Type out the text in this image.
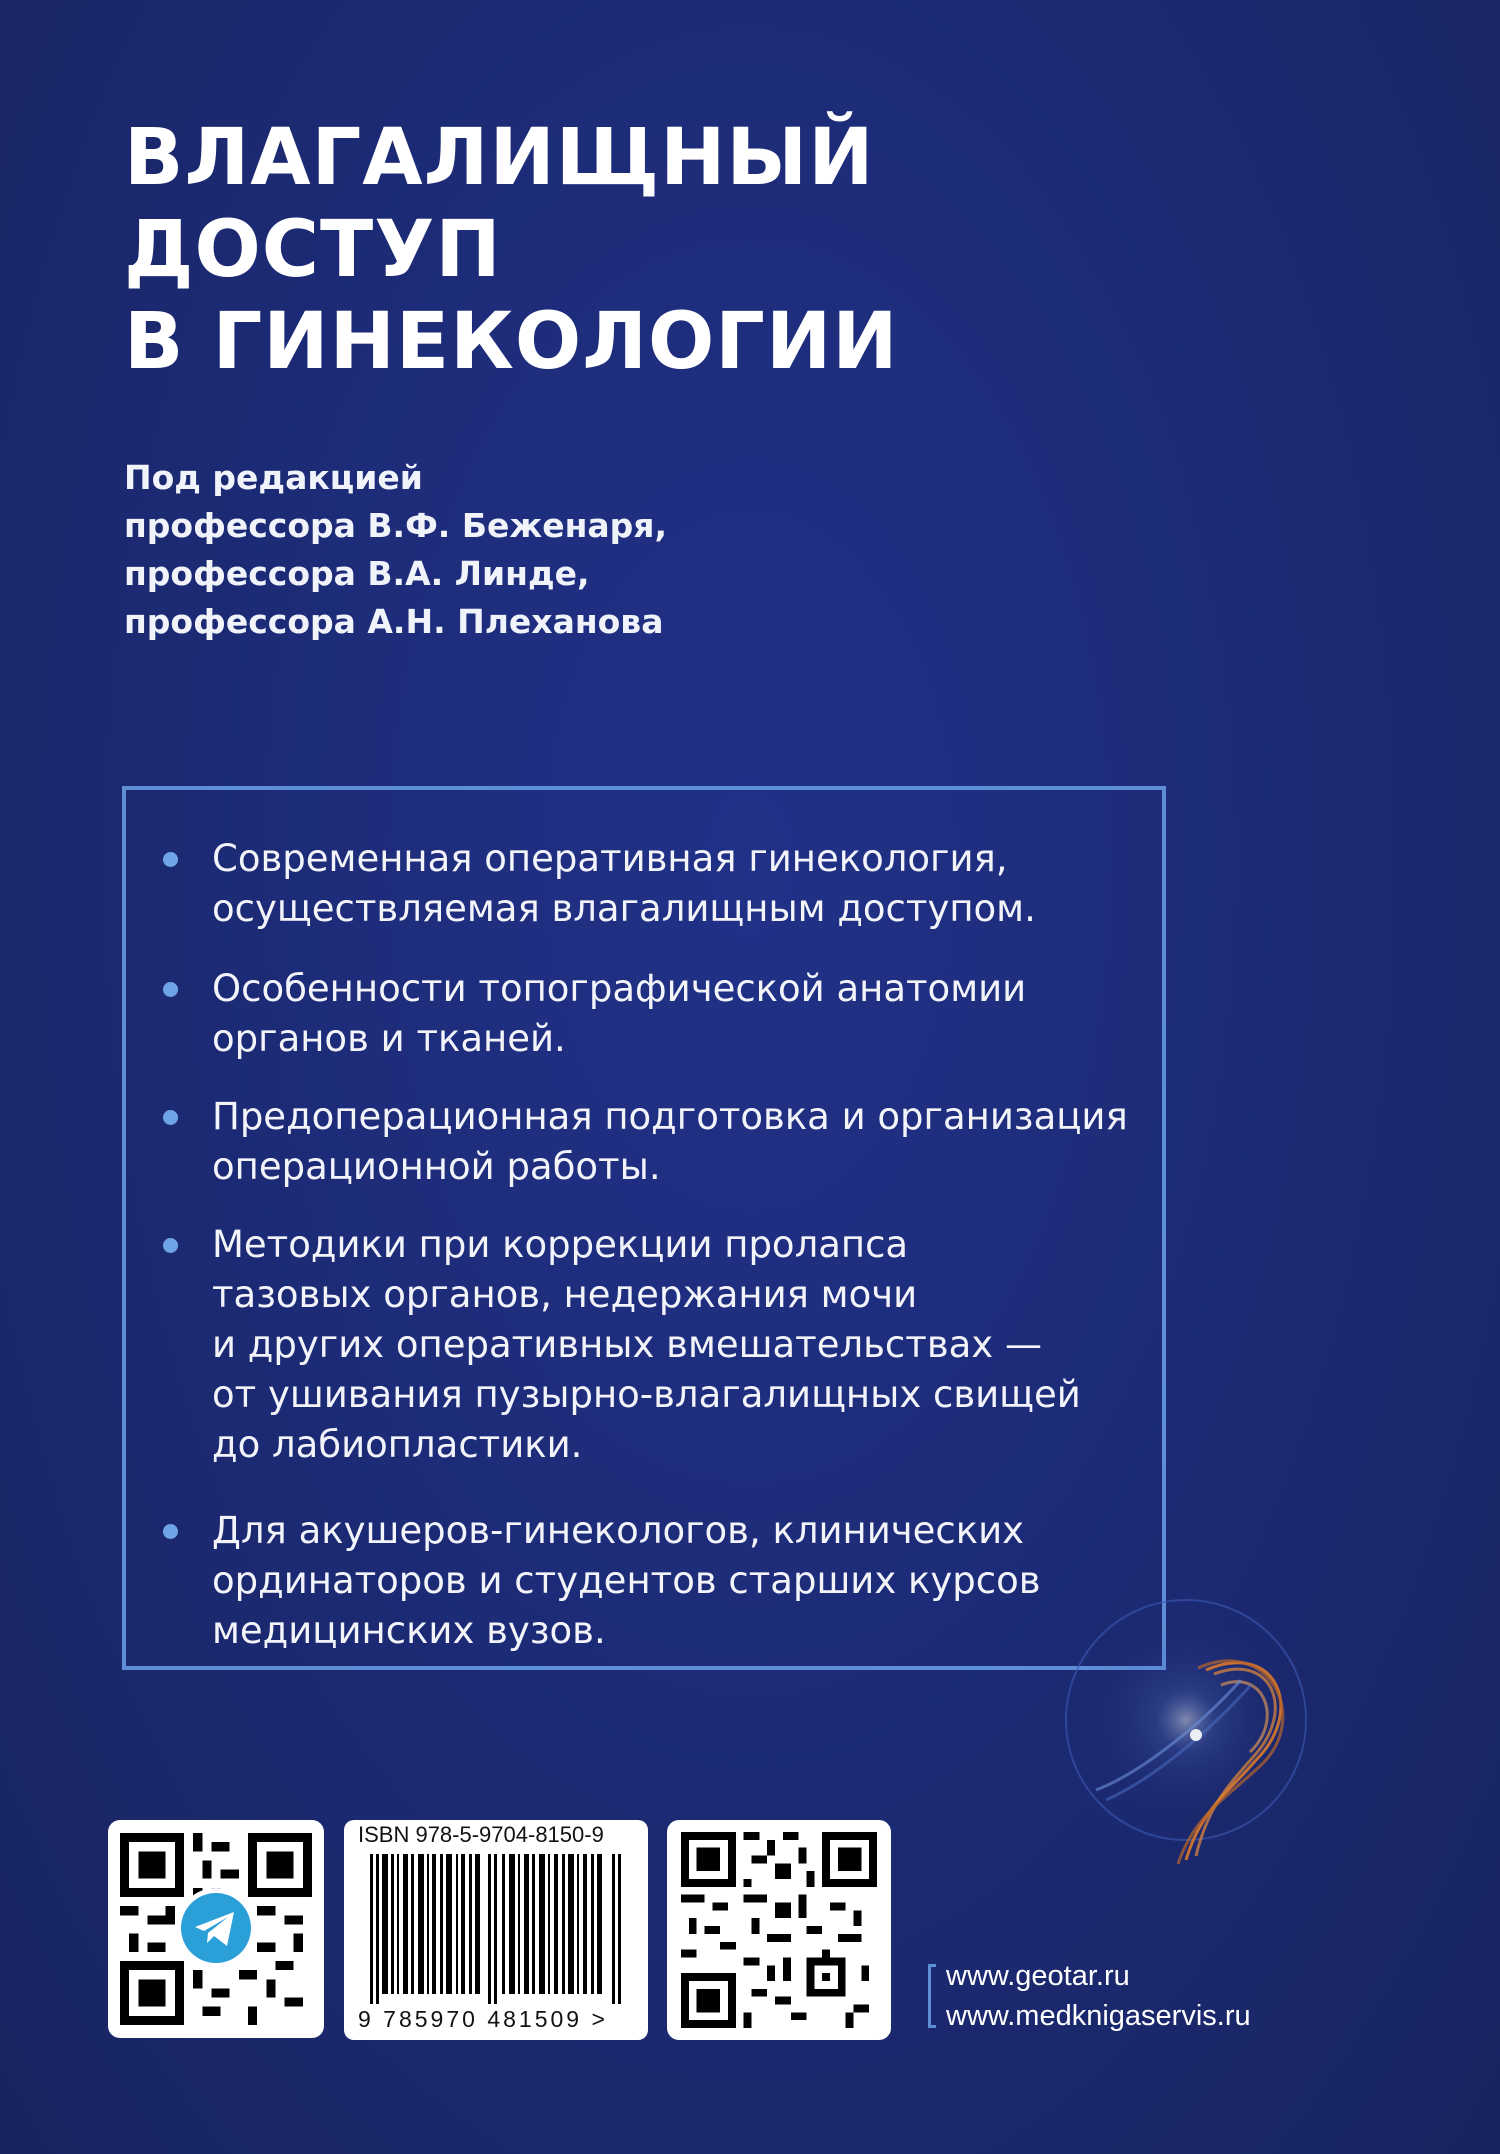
ВЛАГАЛИЩНЫЙ
ДОСТУП
В ГИНЕКОЛОГИИ
Под редакцией
профессора В.Ф. Беженаря,
профессора В.А. Линде,
профессора А.Н. Плеханова
Современная оперативная гинекология,
осуществляемая влагалищным доступом.
Особенности топографической анатомии
органов и тканей.
Предоперационная подготовка и организация
операционной работы.
Методики при коррекции пролапса
тазовых органов, недержания мочи
и других оперативных вмешательствах —
от ушивания пузырно-влагалищных свищей
до лабиопластики.
Для акушеров-гинекологов, клинических
ординаторов и студентов старших курсов
медицинских вузов.
ISBN 978-5-9704-8150-9
9 785970 481509 >
www.geotar.ru
www.medknigaservis.ru
